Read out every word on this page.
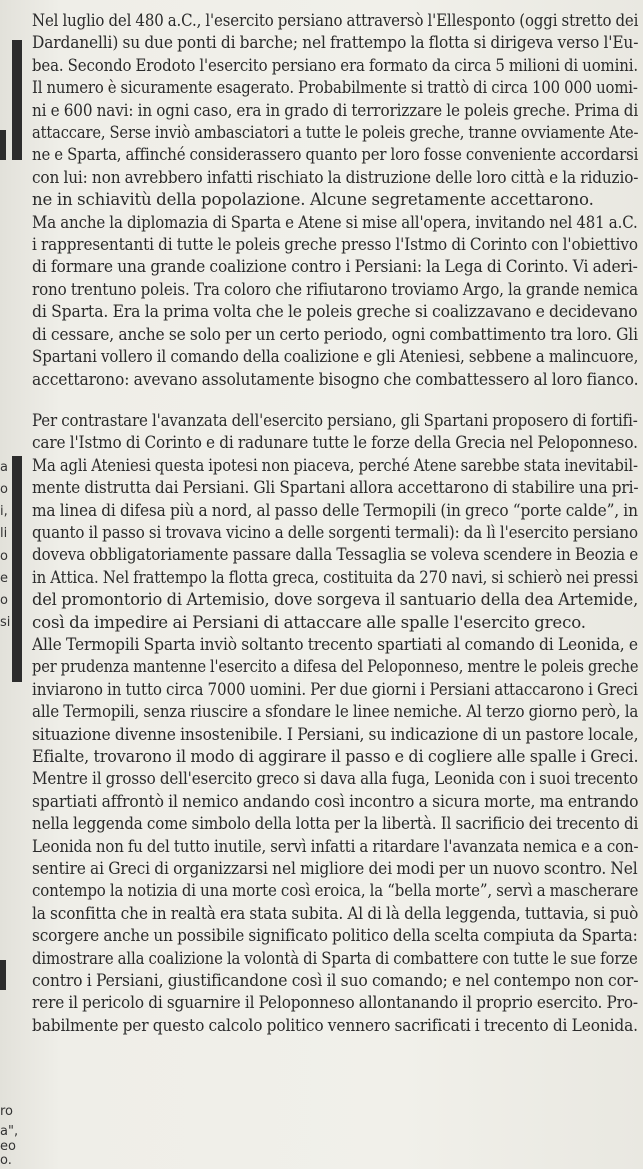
a
o
i,
li
o
e
o
si
ro
a",
eo
o.

Nel luglio del 480 a.C., l'esercito persiano attraversò l'Ellesponto (oggi stretto dei
Dardanelli) su due ponti di barche; nel frattempo la flotta si dirigeva verso l'Eu-
bea. Secondo Erodoto l'esercito persiano era formato da circa 5 milioni di uomini.
Il numero è sicuramente esagerato. Probabilmente si trattò di circa 100 000 uomi-
ni e 600 navi: in ogni caso, era in grado di terrorizzare le poleis greche. Prima di
attaccare, Serse inviò ambasciatori a tutte le poleis greche, tranne ovviamente Ate-
ne e Sparta, affinché considerassero quanto per loro fosse conveniente accordarsi
con lui: non avrebbero infatti rischiato la distruzione delle loro città e la riduzio-
ne in schiavitù della popolazione. Alcune segretamente accettarono.

Ma anche la diplomazia di Sparta e Atene si mise all'opera, invitando nel 481 a.C.
i rappresentanti di tutte le poleis greche presso l'Istmo di Corinto con l'obiettivo
di formare una grande coalizione contro i Persiani: la Lega di Corinto. Vi aderi-
rono trentuno poleis. Tra coloro che rifiutarono troviamo Argo, la grande nemica
di Sparta. Era la prima volta che le poleis greche si coalizzavano e decidevano
di cessare, anche se solo per un certo periodo, ogni combattimento tra loro. Gli
Spartani vollero il comando della coalizione e gli Ateniesi, sebbene a malincuore,
accettarono: avevano assolutamente bisogno che combattessero al loro fianco.

Per contrastare l'avanzata dell'esercito persiano, gli Spartani proposero di fortifi-
care l'Istmo di Corinto e di radunare tutte le forze della Grecia nel Peloponneso.
Ma agli Ateniesi questa ipotesi non piaceva, perché Atene sarebbe stata inevitabil-
mente distrutta dai Persiani. Gli Spartani allora accettarono di stabilire una pri-
ma linea di difesa più a nord, al passo delle Termopili (in greco “porte calde”, in
quanto il passo si trovava vicino a delle sorgenti termali): da lì l'esercito persiano
doveva obbligatoriamente passare dalla Tessaglia se voleva scendere in Beozia e
in Attica. Nel frattempo la flotta greca, costituita da 270 navi, si schierò nei pressi
del promontorio di Artemisio, dove sorgeva il santuario della dea Artemide,
così da impedire ai Persiani di attaccare alle spalle l'esercito greco.

Alle Termopili Sparta inviò soltanto trecento spartiati al comando di Leonida, e
per prudenza mantenne l'esercito a difesa del Peloponneso, mentre le poleis greche
inviarono in tutto circa 7000 uomini. Per due giorni i Persiani attaccarono i Greci
alle Termopili, senza riuscire a sfondare le linee nemiche. Al terzo giorno però, la
situazione divenne insostenibile. I Persiani, su indicazione di un pastore locale,
Efialte, trovarono il modo di aggirare il passo e di cogliere alle spalle i Greci.

Mentre il grosso dell'esercito greco si dava alla fuga, Leonida con i suoi trecento
spartiati affrontò il nemico andando così incontro a sicura morte, ma entrando
nella leggenda come simbolo della lotta per la libertà. Il sacrificio dei trecento di
Leonida non fu del tutto inutile, servì infatti a ritardare l'avanzata nemica e a con-
sentire ai Greci di organizzarsi nel migliore dei modi per un nuovo scontro. Nel
contempo la notizia di una morte così eroica, la “bella morte”, servì a mascherare
la sconfitta che in realtà era stata subita. Al di là della leggenda, tuttavia, si può
scorgere anche un possibile significato politico della scelta compiuta da Sparta:
dimostrare alla coalizione la volontà di Sparta di combattere con tutte le sue forze
contro i Persiani, giustificandone così il suo comando; e nel contempo non cor-
rere il pericolo di sguarnire il Peloponneso allontanando il proprio esercito. Pro-
babilmente per questo calcolo politico vennero sacrificati i trecento di Leonida.
